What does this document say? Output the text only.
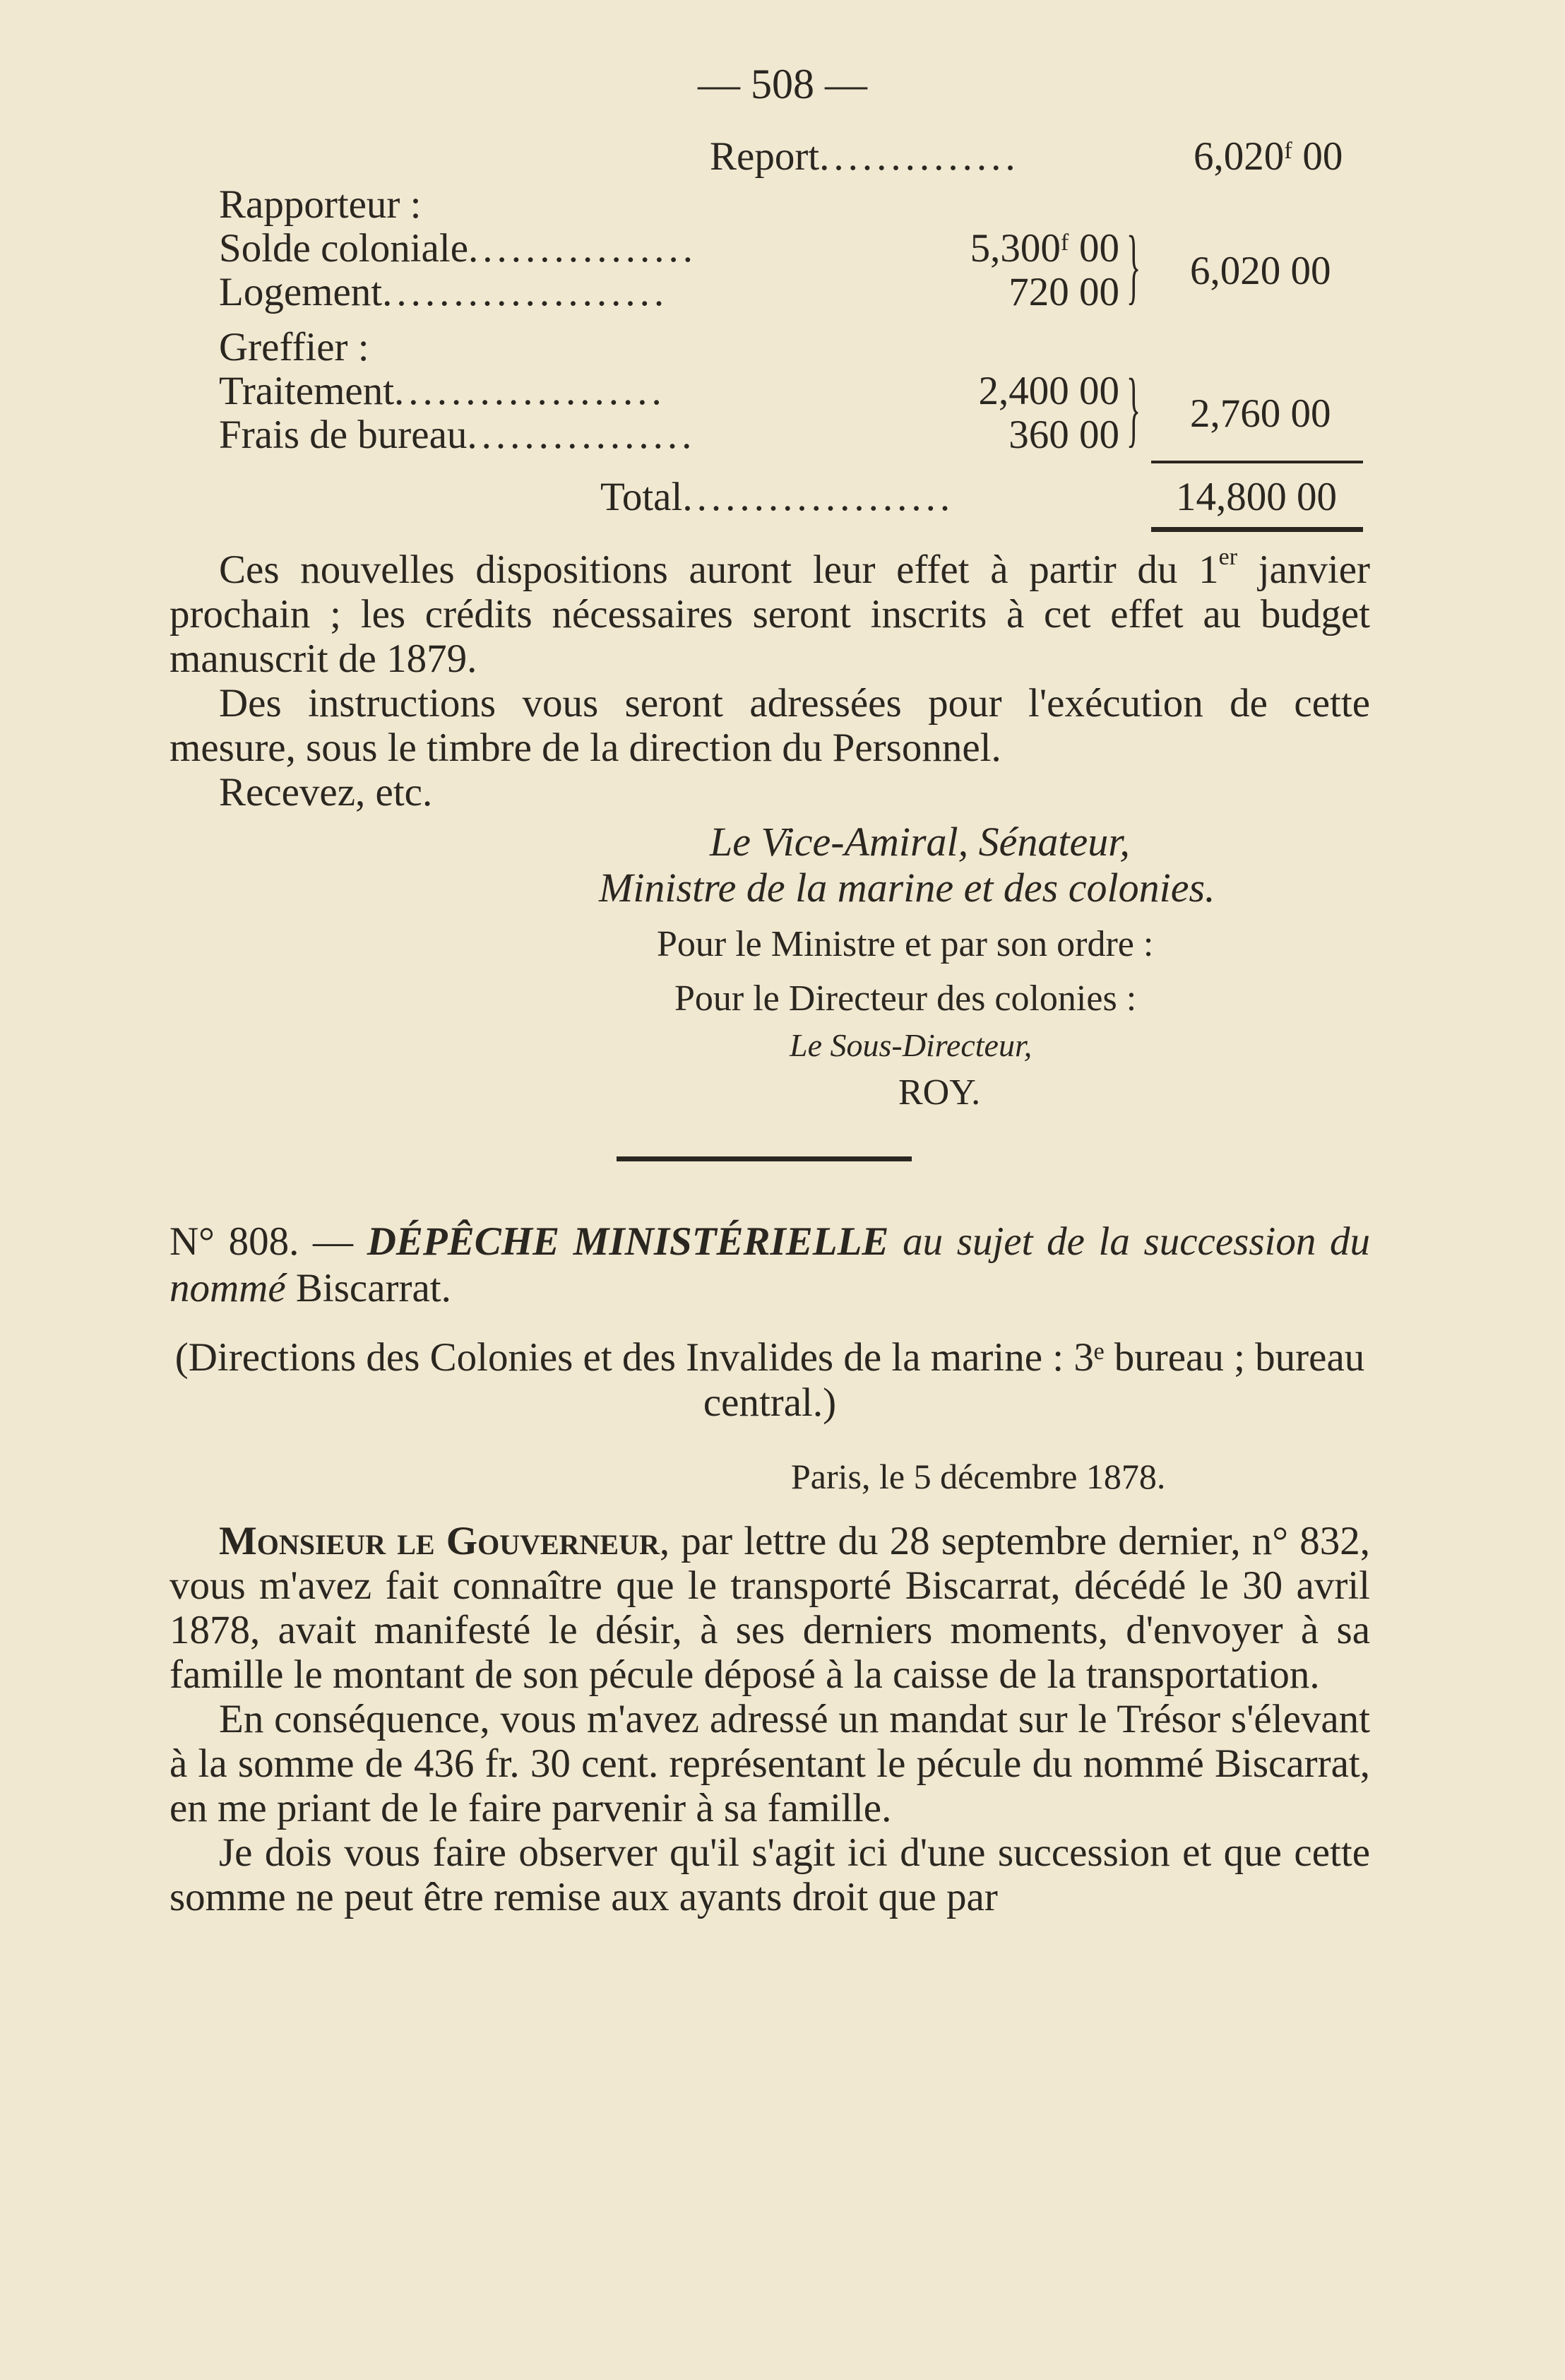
— 508 —
Report..............	6,020ᶠ 00
Rapporteur :
Solde coloniale................	5,300ᶠ 00
Logement....................	720 00 } 6,020 00
Greffier :
Traitement...................	2,400 00
Frais de bureau................	360 00 } 2,760 00
Total...................	14,800 00

Ces nouvelles dispositions auront leur effet à partir du 1er janvier prochain ; les crédits nécessaires seront inscrits à cet effet au budget manuscrit de 1879.

Des instructions vous seront adressées pour l'exécution de cette mesure, sous le timbre de la direction du Personnel.

Recevez, etc.

Le Vice-Amiral, Sénateur,
Ministre de la marine et des colonies.
Pour le Ministre et par son ordre :
Pour le Directeur des colonies :
Le Sous-Directeur,
ROY.
N° 808. — DÉPÊCHE MINISTÉRIELLE au sujet de la succession du nommé Biscarrat.
(Directions des Colonies et des Invalides de la marine : 3ᵉ bureau ; bureau central.)
Paris, le 5 décembre 1878.

Monsieur le Gouverneur, par lettre du 28 septembre dernier, n° 832, vous m'avez fait connaître que le transporté Biscarrat, décédé le 30 avril 1878, avait manifesté le désir, à ses derniers moments, d'envoyer à sa famille le montant de son pécule déposé à la caisse de la transportation.

En conséquence, vous m'avez adressé un mandat sur le Trésor s'élevant à la somme de 436 fr. 30 cent. représentant le pécule du nommé Biscarrat, en me priant de le faire parvenir à sa famille.

Je dois vous faire observer qu'il s'agit ici d'une succession et que cette somme ne peut être remise aux ayants droit que par
